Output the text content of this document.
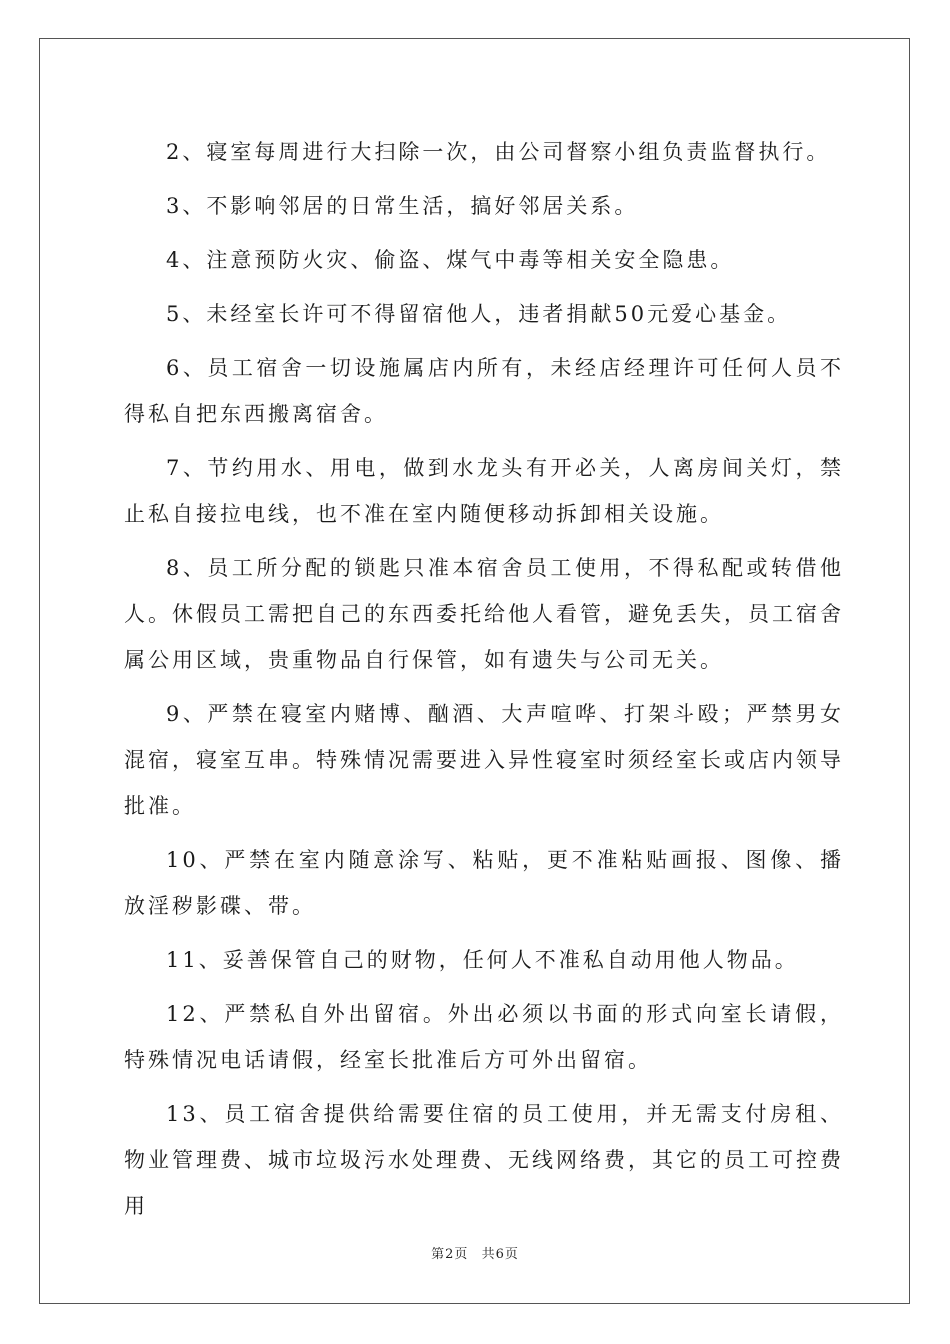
2、寝室每周进行大扫除一次，由公司督察小组负责监督执行。

3、不影响邻居的日常生活，搞好邻居关系。

4、注意预防火灾、偷盗、煤气中毒等相关安全隐患。

5、未经室长许可不得留宿他人，违者捐献50元爱心基金。

6、员工宿舍一切设施属店内所有，未经店经理许可任何人员不得私自把东西搬离宿舍。

7、节约用水、用电，做到水龙头有开必关，人离房间关灯，禁止私自接拉电线，也不准在室内随便移动拆卸相关设施。

8、员工所分配的锁匙只准本宿舍员工使用，不得私配或转借他人。休假员工需把自己的东西委托给他人看管，避免丢失，员工宿舍属公用区域，贵重物品自行保管，如有遗失与公司无关。

9、严禁在寝室内赌博、酗酒、大声喧哗、打架斗殴；严禁男女混宿，寝室互串。特殊情况需要进入异性寝室时须经室长或店内领导批准。

10、严禁在室内随意涂写、粘贴，更不准粘贴画报、图像、播放淫秽影碟、带。

11、妥善保管自己的财物，任何人不准私自动用他人物品。

12、严禁私自外出留宿。外出必须以书面的形式向室长请假，特殊情况电话请假，经室长批准后方可外出留宿。

13、员工宿舍提供给需要住宿的员工使用，并无需支付房租、物业管理费、城市垃圾污水处理费、无线网络费，其它的员工可控费用

第2页 共6页
